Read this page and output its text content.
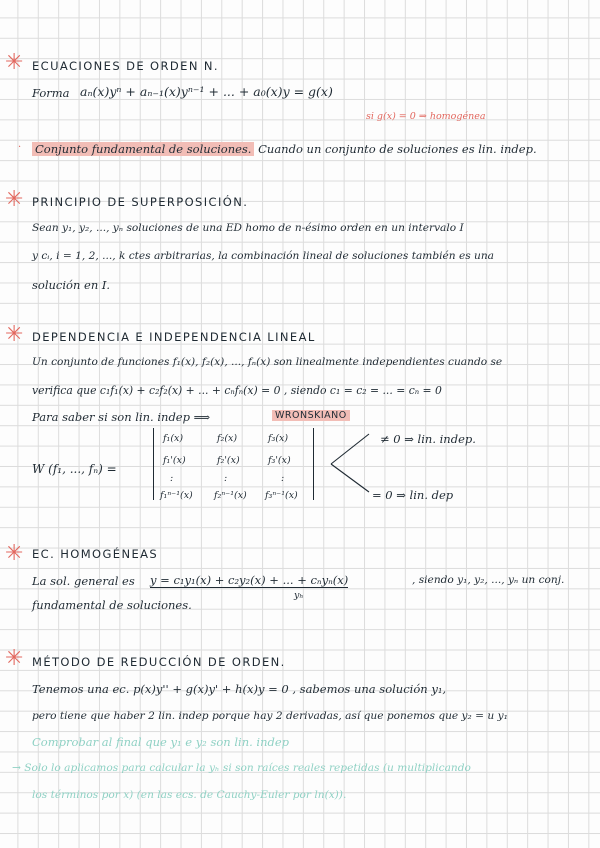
✳ ECUACIONES DE ORDEN N.
Forma aₙ(x)yⁿ + aₙ₋₁(x)yⁿ⁻¹ + ... + a₀(x)y = g(x)
si g(x) = 0 ⇒ homogénea
· Conjunto fundamental de soluciones. Cuando un conjunto de soluciones es lin. indep.
✳ PRINCIPIO DE SUPERPOSICIÓN.
Sean y₁, y₂, ..., yₙ soluciones de una ED homo de n-ésimo orden en un intervalo I
y cᵢ, i = 1, 2, ..., k ctes arbitrarias, la combinación lineal de soluciones también es una
solución en I.
✳ DEPENDENCIA E INDEPENDENCIA LINEAL
Un conjunto de funciones f₁(x), f₂(x), ..., fₙ(x) son linealmente independientes cuando se
verifica que c₁f₁(x) + c₂f₂(x) + ... + cₙfₙ(x) = 0 , siendo c₁ = c₂ = ... = cₙ = 0
Para saber si son lin. indep ⟹	WRONSKIANO
W (f₁, ..., fₙ) =
f₁(x)	f₂(x)	f₃(x)
f₁'(x)	f₂'(x)	f₃'(x)
:	:	:
f₁ⁿ⁻¹(x) f₂ⁿ⁻¹(x) f₃ⁿ⁻¹(x)
≠ 0 ⇒ lin. indep.
= 0 ⇒ lin. dep
✳ EC. HOMOGÉNEAS
La sol. general es y = c₁y₁(x) + c₂y₂(x) + ... + cₙyₙ(x)	, siendo y₁, y₂, ..., yₙ un conj.
yₕ
fundamental de soluciones.
✳ MÉTODO DE REDUCCIÓN DE ORDEN.
Tenemos una ec. p(x)y'' + g(x)y' + h(x)y = 0 , sabemos una solución y₁,
pero tiene que haber 2 lin. indep porque hay 2 derivadas, así que ponemos que y₂ = u y₁
Comprobar al final que y₁ e y₂ son lin. indep
→ Solo lo aplicamos para calcular la yₕ si son raíces reales repetidas (u multiplicando
los términos por x) (en las ecs. de Cauchy-Euler por ln(x)).
